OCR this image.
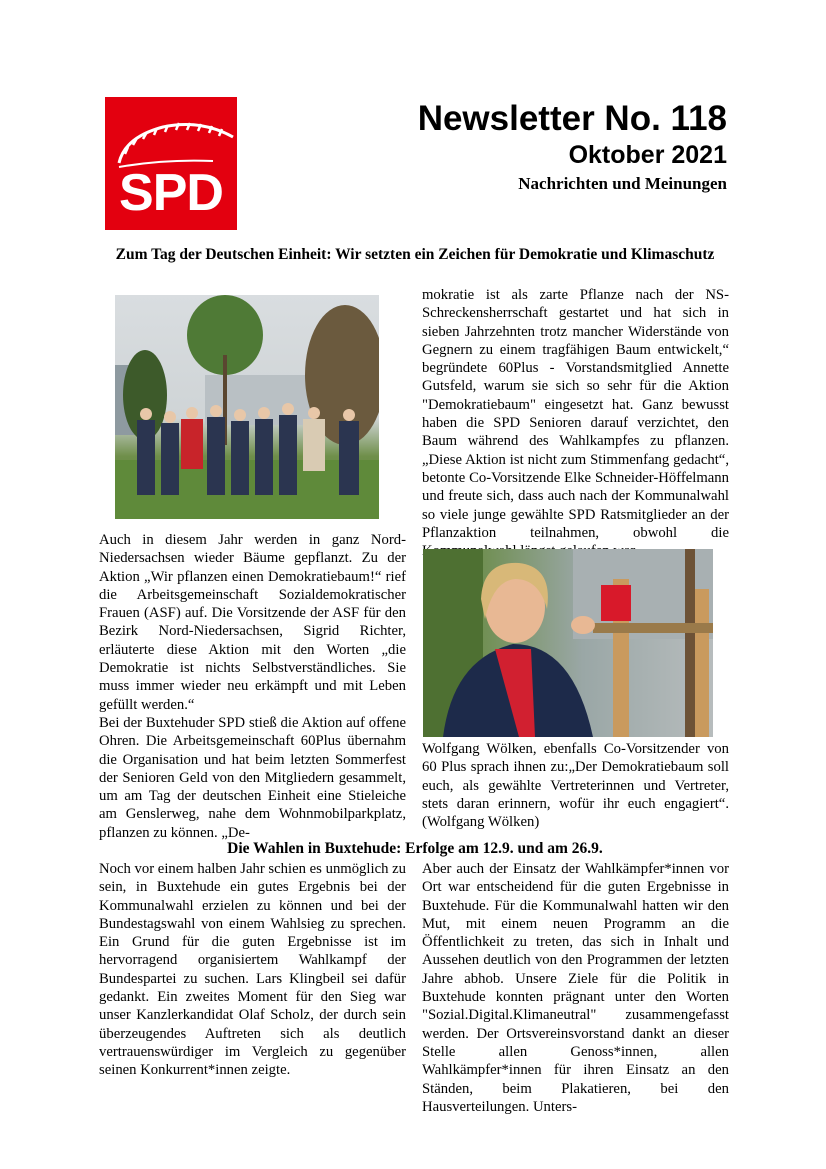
SPD
Newsletter No. 118
Oktober 2021
Nachrichten und Meinungen
Zum Tag der Deutschen Einheit: Wir setzten ein Zeichen für Demokratie und Klimaschutz

Auch in diesem Jahr werden in ganz Nord-Niedersachsen wieder Bäume gepflanzt. Zu der Aktion „Wir pflanzen einen Demokratiebaum!“ rief die Arbeitsgemeinschaft Sozialdemokratischer Frauen (ASF) auf. Die Vorsitzende der ASF für den Bezirk Nord-Niedersachsen, Sigrid Richter, erläuterte diese Aktion mit den Worten „die Demokratie ist nichts Selbstverständliches. Sie muss immer wieder neu erkämpft und mit Leben gefüllt werden.“

Bei der Buxtehuder SPD stieß die Aktion auf offene Ohren. Die Arbeitsgemeinschaft 60Plus übernahm die Organisation und hat beim letzten Sommerfest der Senioren Geld von den Mitgliedern gesammelt, um am Tag der deutschen Einheit eine Stieleiche am Genslerweg, nahe dem Wohnmobilparkplatz, pflanzen zu können. „De-

mokratie ist als zarte Pflanze nach der NS-Schreckensherrschaft gestartet und hat sich in sieben Jahrzehnten trotz mancher Widerstände von Gegnern zu einem tragfähigen Baum entwickelt,“ begründete 60Plus - Vorstandsmitglied Annette Gutsfeld, warum sie sich so sehr für die Aktion "Demokratiebaum" eingesetzt hat. Ganz bewusst haben die SPD Senioren darauf verzichtet, den Baum während des Wahlkampfes zu pflanzen. „Diese Aktion ist nicht zum Stimmenfang gedacht“, betonte Co-Vorsitzende Elke Schneider-Höffelmann und freute sich, dass auch nach der Kommunalwahl so viele junge gewählte SPD Ratsmitglieder an der Pflanzaktion teilnahmen, obwohl die

Wolfgang Wölken, ebenfalls Co-Vorsitzender von 60 Plus sprach ihnen zu:„Der Demokratiebaum soll euch, als gewählte Vertreterinnen und Vertreter, stets daran erinnern, wofür ihr euch engagiert“. (Wolfgang Wölken)

Die Wahlen in Buxtehude: Erfolge am 12.9. und am 26.9.

Noch vor einem halben Jahr schien es unmöglich zu sein, in Buxtehude ein gutes Ergebnis bei der Kommunalwahl erzielen zu können und bei der Bundestagswahl von einem Wahlsieg zu sprechen. Ein Grund für die guten Ergebnisse ist im hervorragend organisiertem Wahlkampf der Bundespartei zu suchen. Lars Klingbeil sei dafür gedankt. Ein zweites Moment für den Sieg war unser Kanzlerkandidat Olaf Scholz, der durch sein überzeugendes Auftreten sich als deutlich vertrauenswürdiger im Vergleich zu gegenüber seinen Konkurrent*innen zeigte.

Aber auch der Einsatz der Wahlkämpfer*innen vor Ort war entscheidend für die guten Ergebnisse in Buxtehude. Für die Kommunalwahl hatten wir den Mut, mit einem neuen Programm an die Öffentlichkeit zu treten, das sich in Inhalt und Aussehen deutlich von den Programmen der letzten Jahre abhob. Unsere Ziele für die Politik in Buxtehude konnten prägnant unter den Worten "Sozial.Digital.Klimaneutral" zusammengefasst werden. Der Ortsvereinsvorstand dankt an dieser Stelle allen Genoss*innen, allen Wahlkämpfer*innen für ihren Einsatz an den Ständen, beim Plakatieren, bei den Hausverteilungen. Unters-
